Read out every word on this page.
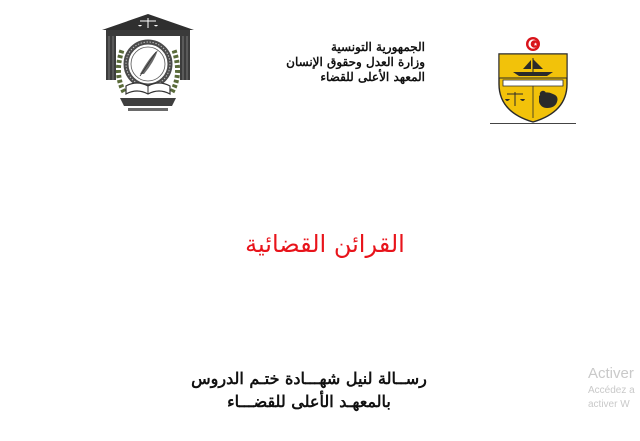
الجمهورية التونسية
وزارة العدل وحقوق الإنسان
المعهد الأعلى للقضاء
القرائن القضائية
رســالة لنيل شهـــادة ختـم الدروس
بالمعهـد الأعلى للقضـــاء
Activer
Accédez a
activer W
